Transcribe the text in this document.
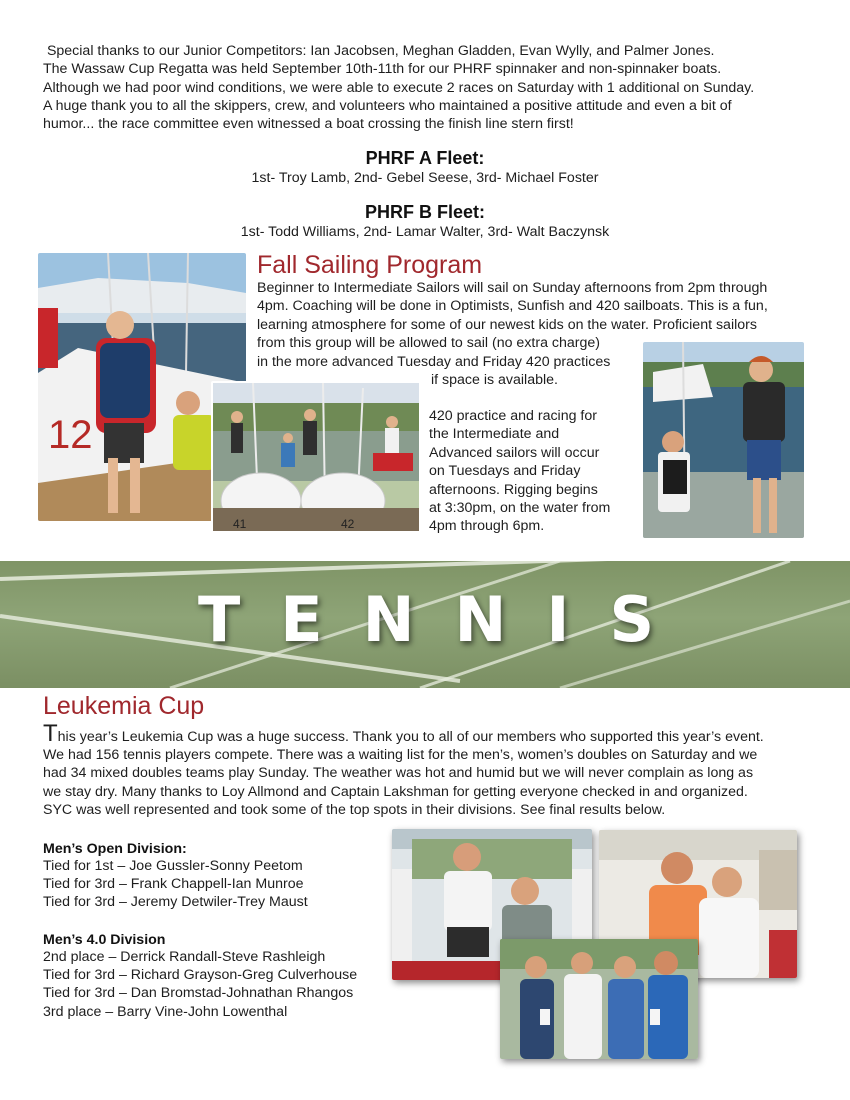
Special thanks to our Junior Competitors: Ian Jacobsen, Meghan Gladden, Evan Wylly, and Palmer Jones.

The Wassaw Cup Regatta was held September 10th-11th for our PHRF spinnaker and non-spinnaker boats.

Although we had poor wind conditions, we were able to execute 2 races on Saturday with 1 additional on Sunday.

A huge thank you to all the skippers, crew, and volunteers who maintained a positive attitude and even a bit of

humor... the race committee even witnessed a boat crossing the finish line stern first!

PHRF A Fleet:
1st- Troy Lamb, 2nd- Gebel Seese, 3rd- Michael Foster
PHRF B Fleet:
1st- Todd Williams, 2nd- Lamar Walter, 3rd- Walt Baczynsk
12
41	42
Fall Sailing Program
Beginner to Intermediate Sailors will sail on Sunday afternoons from 2pm through
4pm. Coaching will be done in Optimists, Sunfish and 420 sailboats. This is a fun,
learning atmosphere for some of our newest kids on the water. Proficient sailors
from this group will be allowed to sail (no extra charge)
in the more advanced Tuesday and Friday 420 practices
if space is available.
420 practice and racing for
the Intermediate and
Advanced sailors will occur
on Tuesdays and Friday
afternoons. Rigging begins
at 3:30pm, on the water from
4pm through 6pm.
TENNIS
Leukemia Cup
This year’s Leukemia Cup was a huge success. Thank you to all of our members who supported this year’s event.
We had 156 tennis players compete. There was a waiting list for the men’s, women’s doubles on Saturday and we
had 34 mixed doubles teams play Sunday. The weather was hot and humid but we will never complain as long as
we stay dry. Many thanks to Loy Allmond and Captain Lakshman for getting everyone checked in and organized.
SYC was well represented and took some of the top spots in their divisions. See final results below.
Men’s Open Division:
Tied for 1st – Joe Gussler-Sonny Peetom
Tied for 3rd – Frank Chappell-Ian Munroe
Tied for 3rd – Jeremy Detwiler-Trey Maust
Men’s 4.0 Division
2nd place – Derrick Randall-Steve Rashleigh
Tied for 3rd – Richard Grayson-Greg Culverhouse
Tied for 3rd – Dan Bromstad-Johnathan Rhangos
3rd place – Barry Vine-John Lowenthal
